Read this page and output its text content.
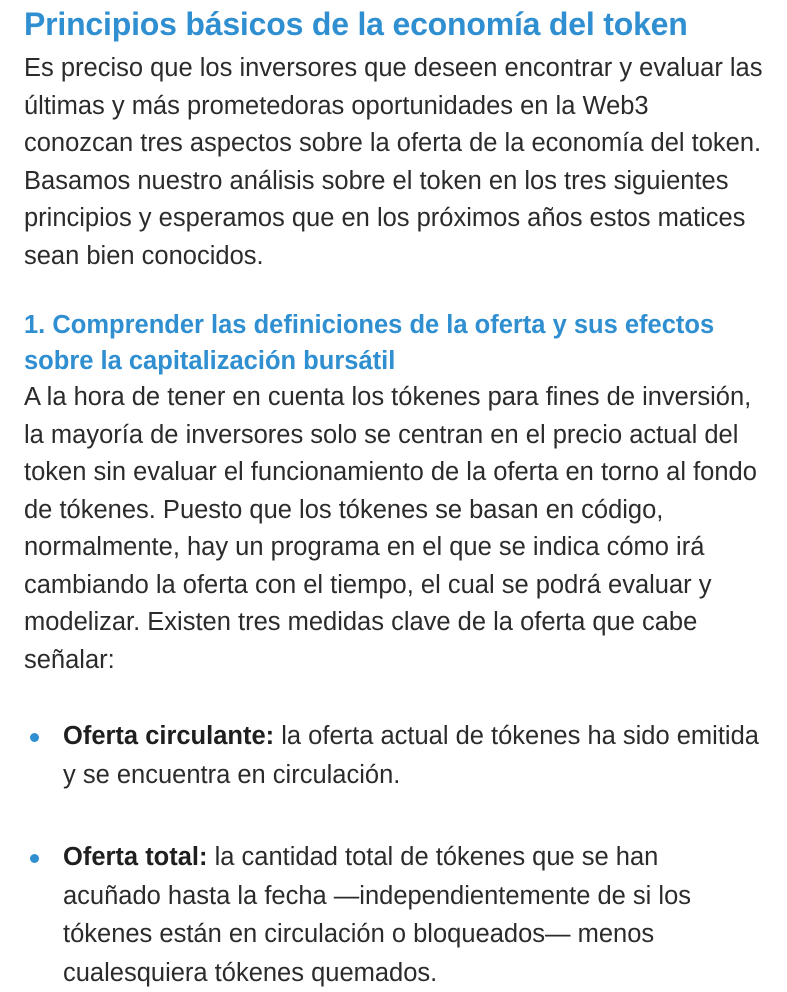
Principios básicos de la economía del token

Es preciso que los inversores que deseen encontrar y evaluar las últimas y más prometedoras oportunidades en la Web3 conozcan tres aspectos sobre la oferta de la economía del token. Basamos nuestro análisis sobre el token en los tres siguientes principios y esperamos que en los próximos años estos matices sean bien conocidos.

1. Comprender las definiciones de la oferta y sus efectos sobre la capitalización bursátil

A la hora de tener en cuenta los tókenes para fines de inversión, la mayoría de inversores solo se centran en el precio actual del token sin evaluar el funcionamiento de la oferta en torno al fondo de tókenes. Puesto que los tókenes se basan en código, normalmente, hay un programa en el que se indica cómo irá cambiando la oferta con el tiempo, el cual se podrá evaluar y modelizar. Existen tres medidas clave de la oferta que cabe señalar:

Oferta circulante: la oferta actual de tókenes ha sido emitida y se encuentra en circulación.
Oferta total: la cantidad total de tókenes que se han acuñado hasta la fecha —independientemente de si los tókenes están en circulación o bloqueados— menos cualesquiera tókenes quemados.
